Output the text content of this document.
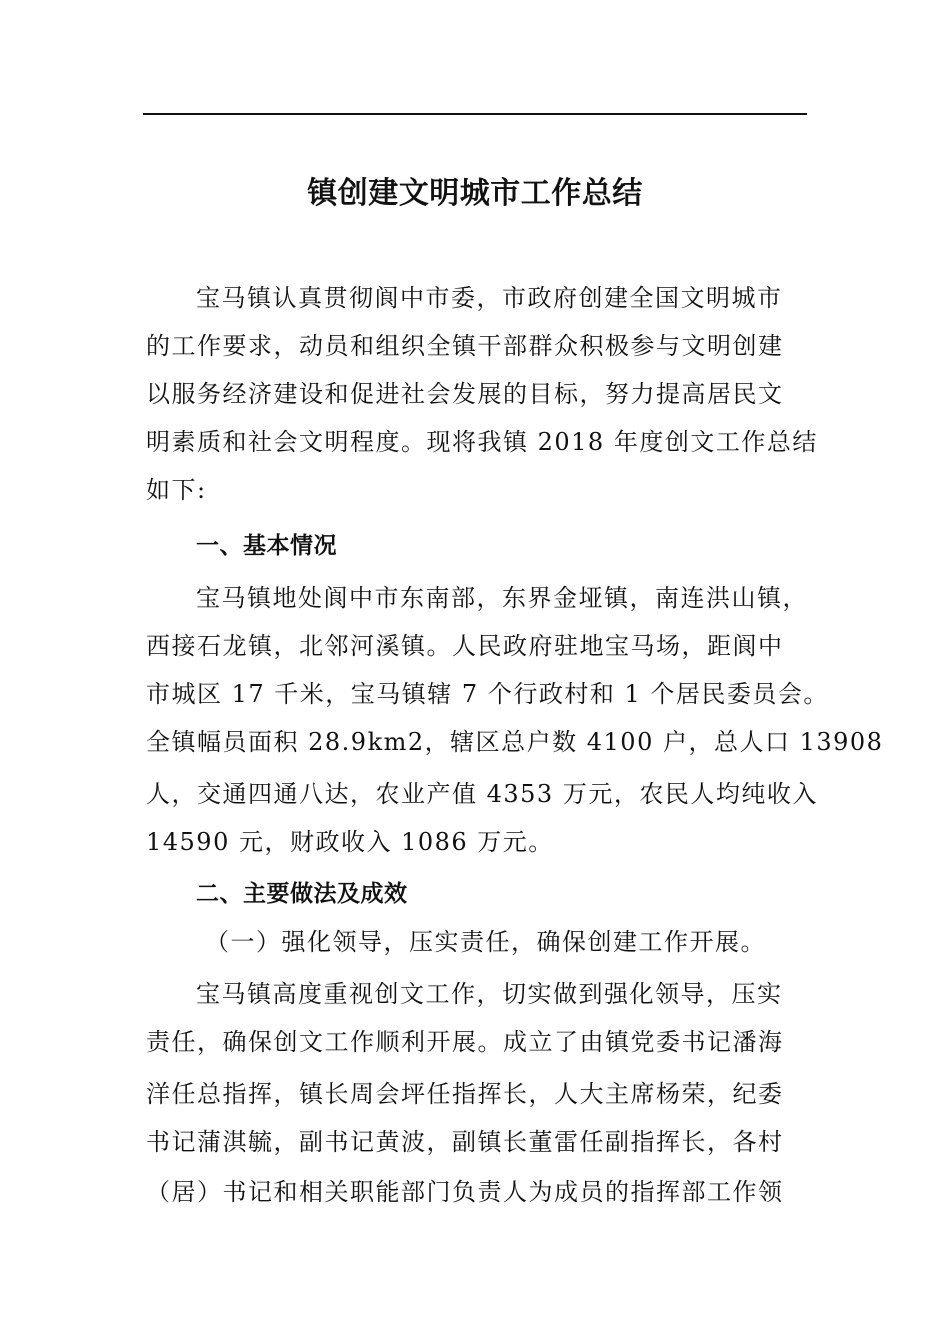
镇创建文明城市工作总结

宝马镇认真贯彻阆中市委，市政府创建全国文明城市

的工作要求，动员和组织全镇干部群众积极参与文明创建

以服务经济建设和促进社会发展的目标，努力提高居民文

明素质和社会文明程度。现将我镇 2018 年度创文工作总结

如下:

一、基本情况

宝马镇地处阆中市东南部，东界金垭镇，南连洪山镇，

西接石龙镇，北邻河溪镇。人民政府驻地宝马场，距阆中

市城区 17 千米，宝马镇辖 7 个行政村和 1 个居民委员会。

全镇幅员面积 28.9km2，辖区总户数 4100 户，总人口 13908

人，交通四通八达，农业产值 4353 万元，农民人均纯收入

14590 元，财政收入 1086 万元。

二、主要做法及成效

（一）强化领导，压实责任，确保创建工作开展。

宝马镇高度重视创文工作，切实做到强化领导，压实

责任，确保创文工作顺利开展。成立了由镇党委书记潘海

洋任总指挥，镇长周会坪任指挥长，人大主席杨荣，纪委

书记蒲淇毓，副书记黄波，副镇长董雷任副指挥长，各村

（居）书记和相关职能部门负责人为成员的指挥部工作领
